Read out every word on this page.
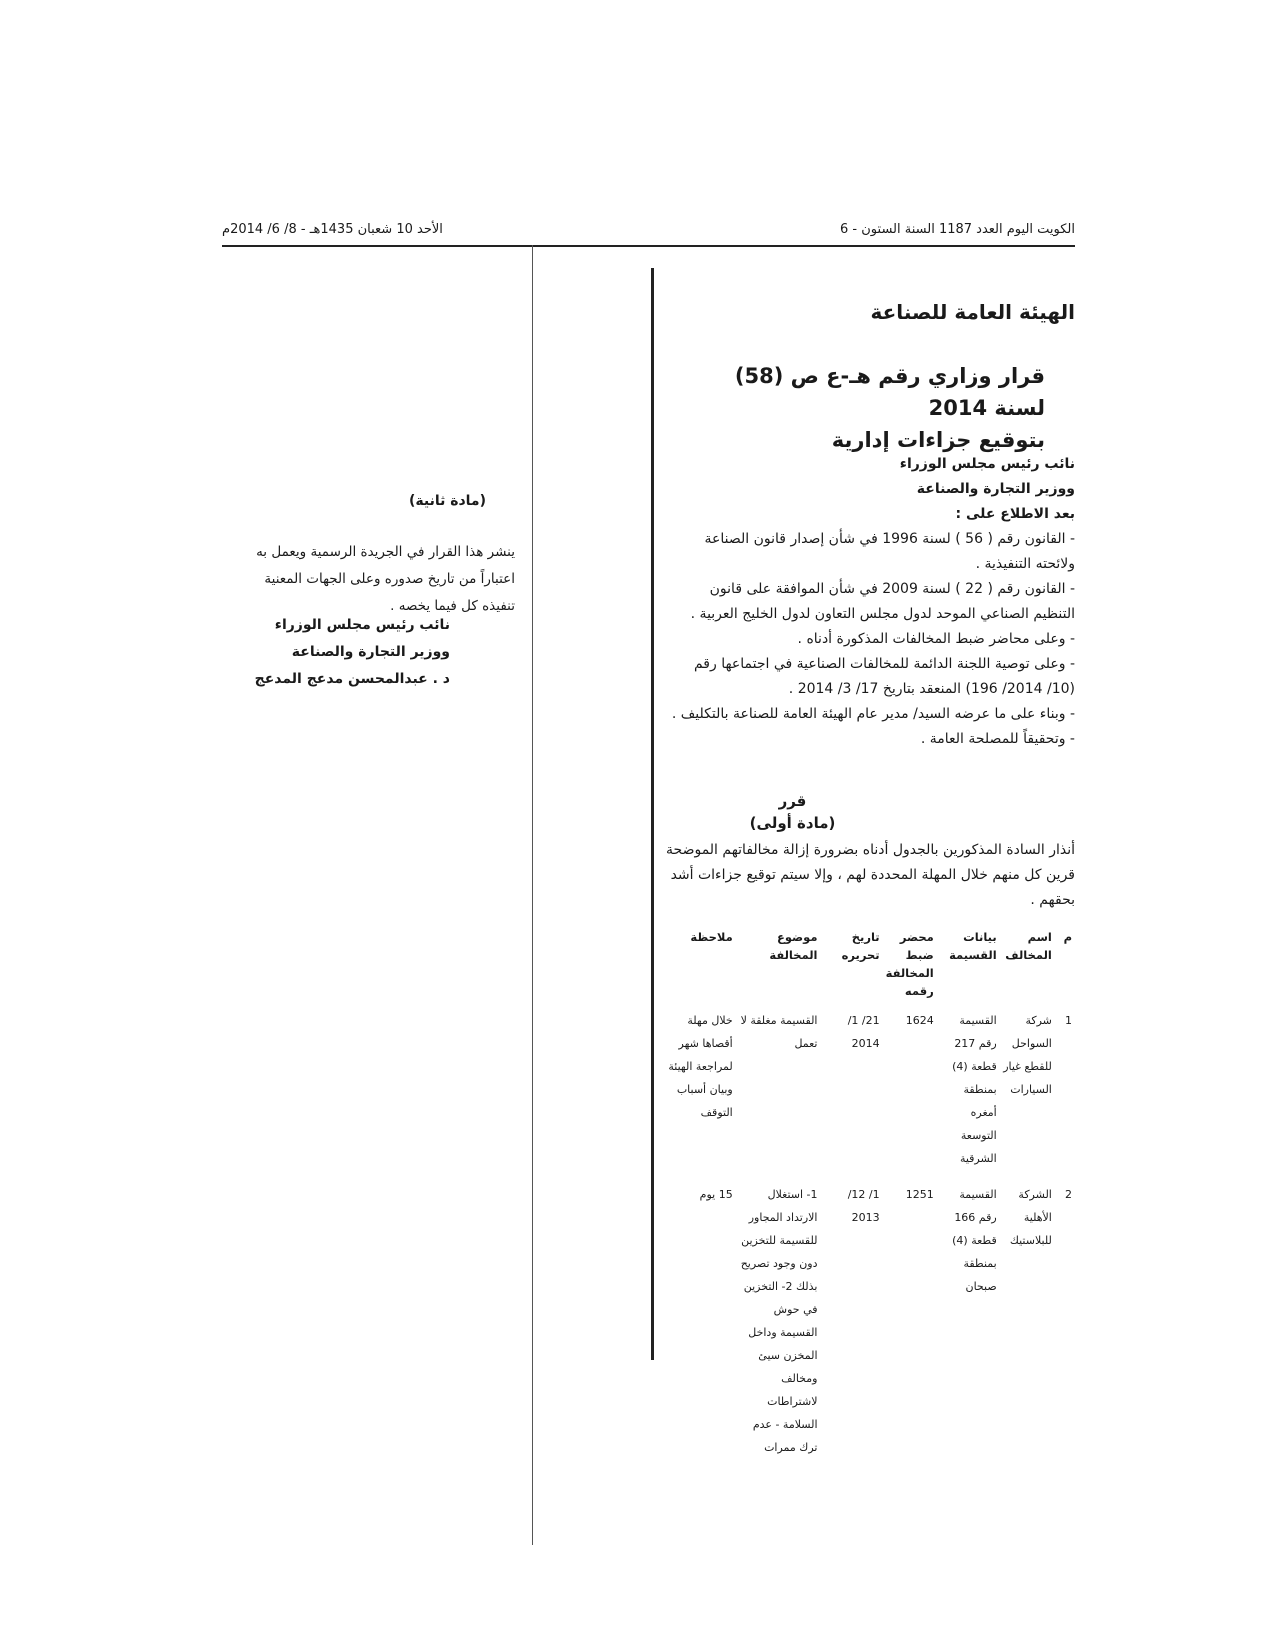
الكويت اليوم العدد 1187 السنة الستون - 6
الأحد 10 شعبان 1435هـ - 8/ 6/ 2014م
الهيئة العامة للصناعة
قرار وزاري رقم هـ-ع ص (58) لسنة 2014
بتوقيع جزاءات إدارية
نائب رئيس مجلس الوزراء
ووزير التجارة والصناعة
بعد الاطلاع على :

- القانون رقم ( 56 ) لسنة 1996 في شأن إصدار قانون الصناعة ولائحته التنفيذية .

- القانون رقم ( 22 ) لسنة 2009 في شأن الموافقة على قانون التنظيم الصناعي الموحد لدول مجلس التعاون لدول الخليج العربية .

- وعلى محاضر ضبط المخالفات المذكورة أدناه .

- وعلى توصية اللجنة الدائمة للمخالفات الصناعية في اجتماعها رقم (10/ 2014/ 196) المنعقد بتاريخ 17/ 3/ 2014 .

- وبناء على ما عرضه السيد/ مدير عام الهيئة العامة للصناعة بالتكليف .

- وتحقيقاً للمصلحة العامة .

قرر
(مادة أولى)
أنذار السادة المذكورين بالجدول أدناه بضرورة إزالة مخالفاتهم الموضحة قرين كل منهم خلال المهلة المحددة لهم ، وإلا سيتم توقيع جزاءات أشد بحقهم .
م	اسم المخالف	بيانات القسيمة	محضر ضبط المخالفة رقمه	تاريخ تحريره	موضوع المخالفة	ملاحظة
1	شركة السواحل للقطع غيار السيارات	القسيمة رقم 217 قطعة (4) بمنطقة أمغره التوسعة الشرقية	1624	21/ 1/ 2014	القسيمة مغلقة لا تعمل	خلال مهلة أقصاها شهر لمراجعة الهيئة وبيان أسباب التوقف
2	الشركة الأهلية للبلاستيك	القسيمة رقم 166 قطعة (4) بمنطقة صبحان	1251	1/ 12/ 2013	1- استغلال الارتداد المجاور للقسيمة للتخزين دون وجود تصريح بذلك 2- التخزين في حوش القسيمة وداخل المخزن سيئ ومخالف لاشتراطات السلامة - عدم ترك ممرات	15 يوم
(مادة ثانية)
ينشر هذا القرار في الجريدة الرسمية ويعمل به اعتباراً من تاريخ صدوره وعلى الجهات المعنية تنفيذه كل فيما يخصه .
نائب رئيس مجلس الوزراء
ووزير التجارة والصناعة
د . عبدالمحسن مدعج المدعج
